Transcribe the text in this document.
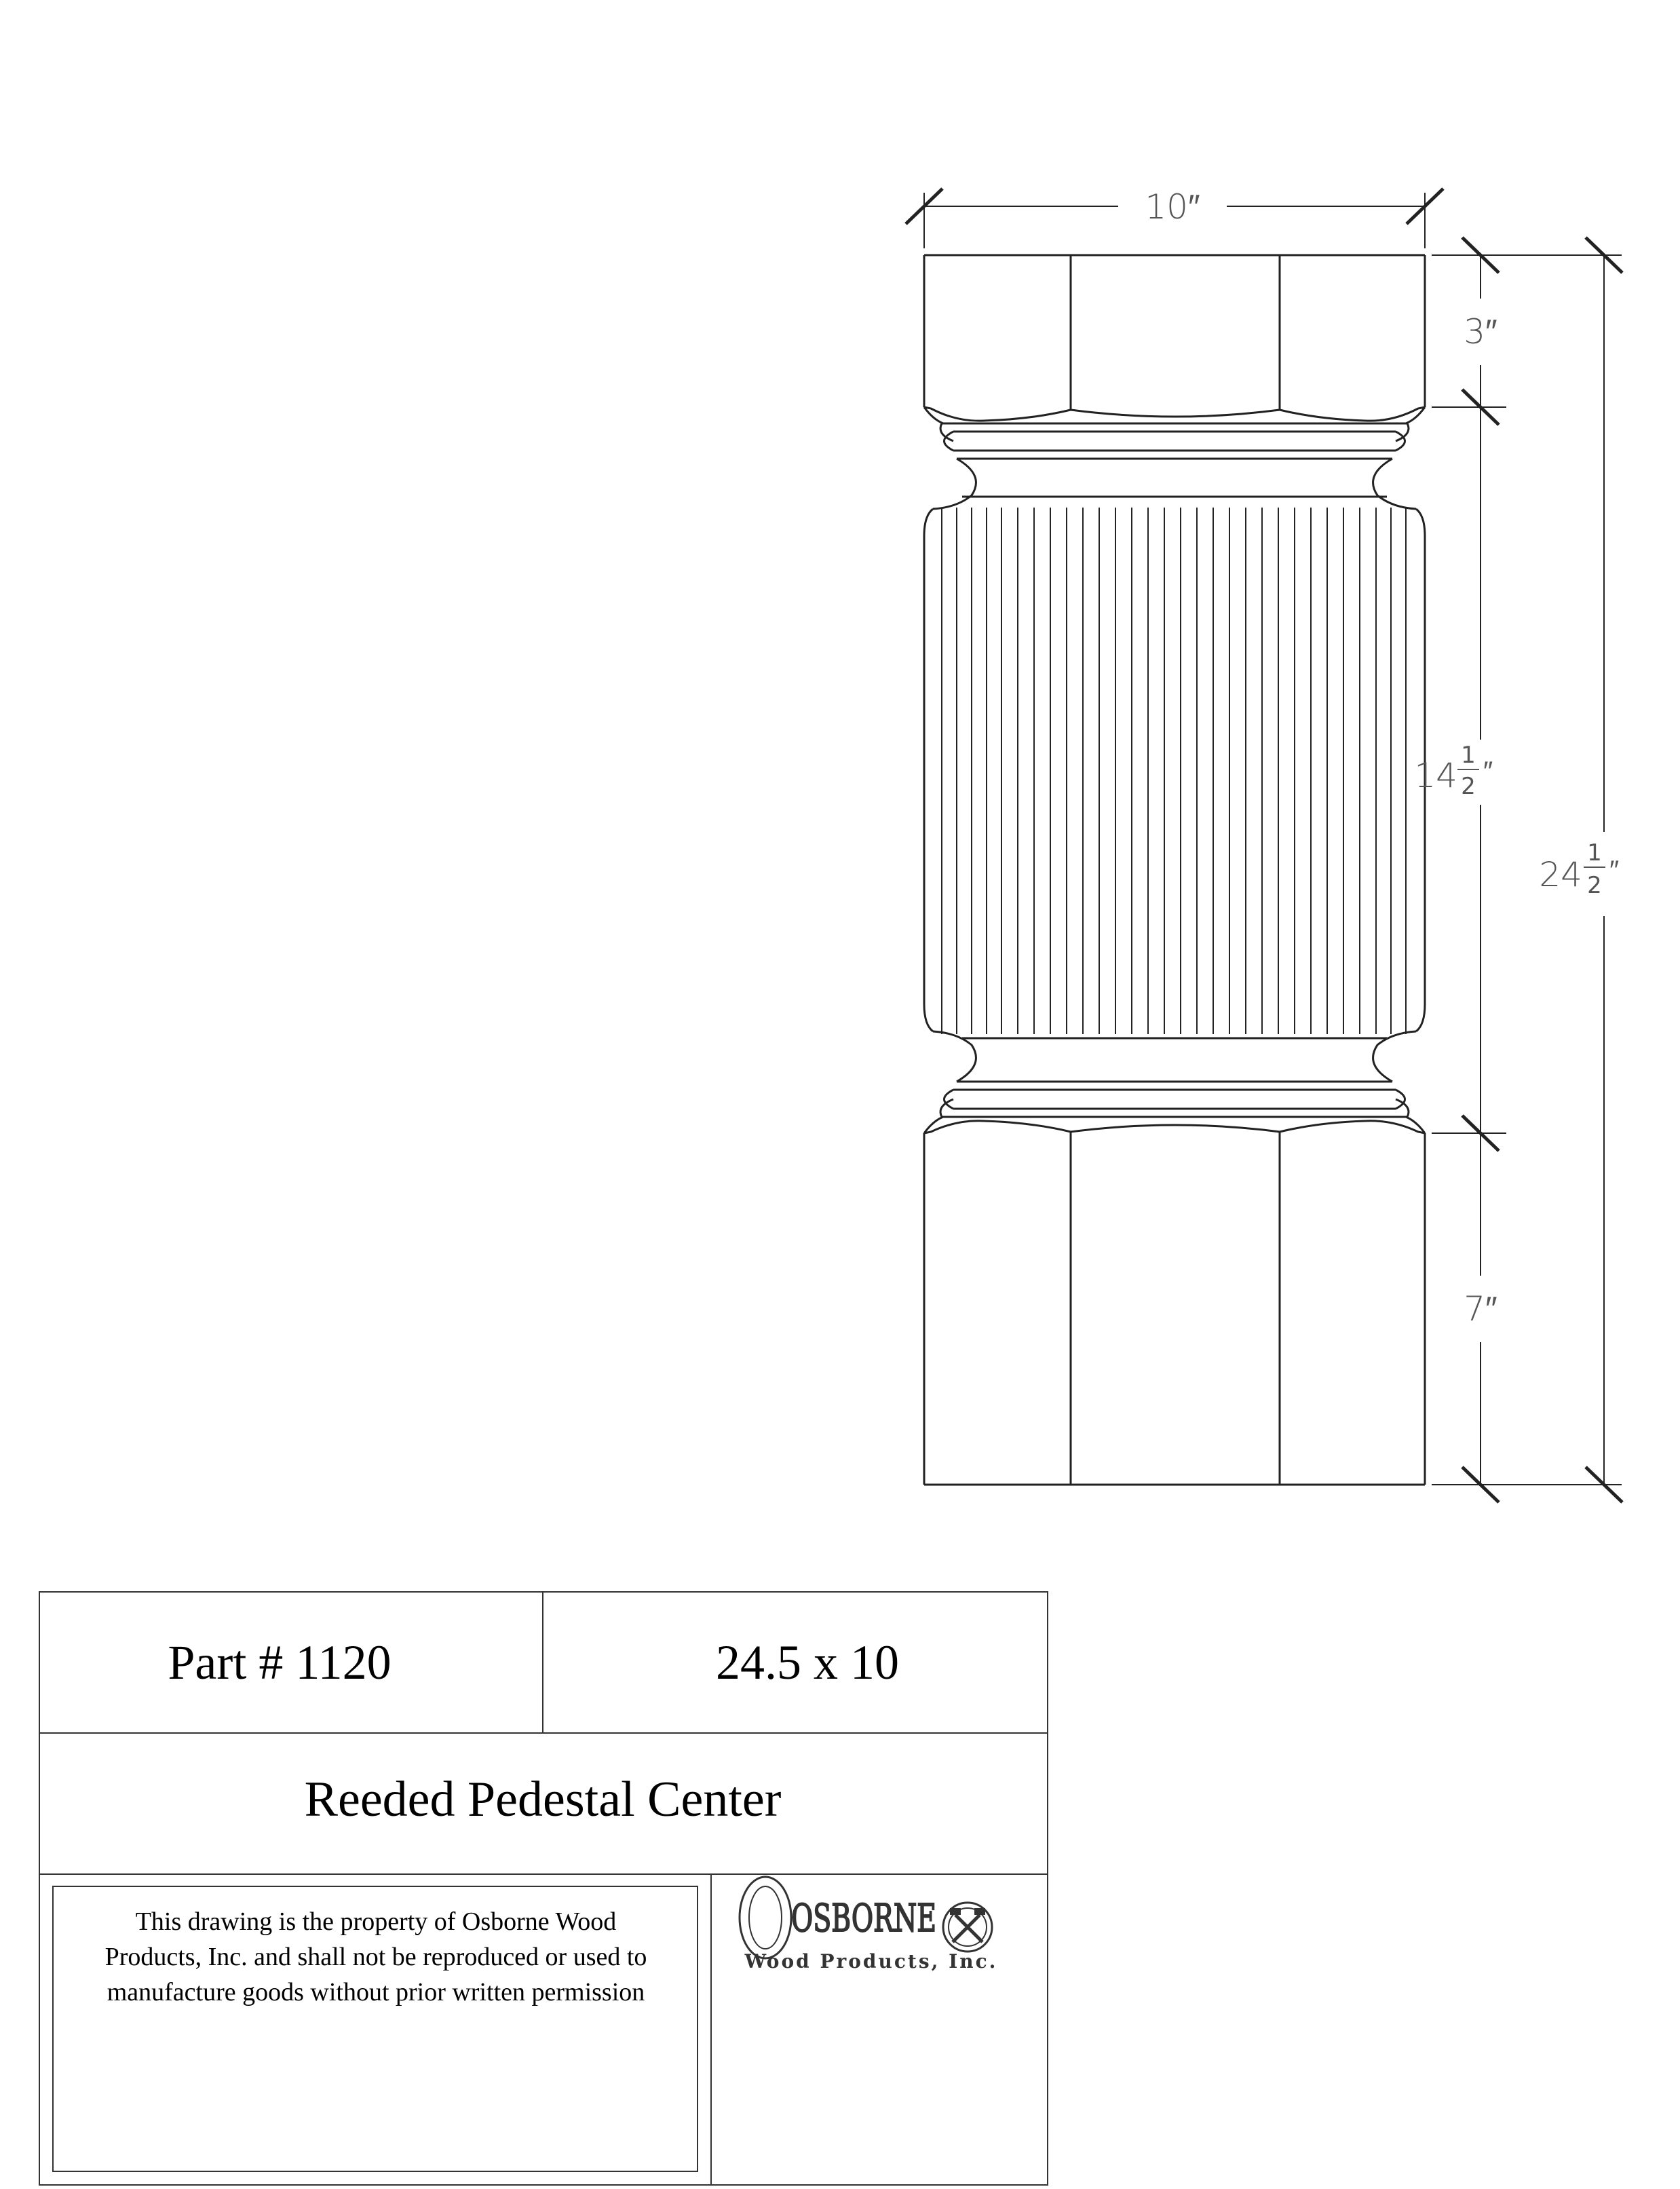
10″
3″
14
1
2 ″
7″
24
1
2 ″
Part # 1120	24.5 x 10
Reeded Pedestal Center
This drawing is the property of Osborne Wood
Products, Inc. and shall not be reproduced or used to
manufacture goods without prior written permission
OSBORNE
Wood Products, Inc.
